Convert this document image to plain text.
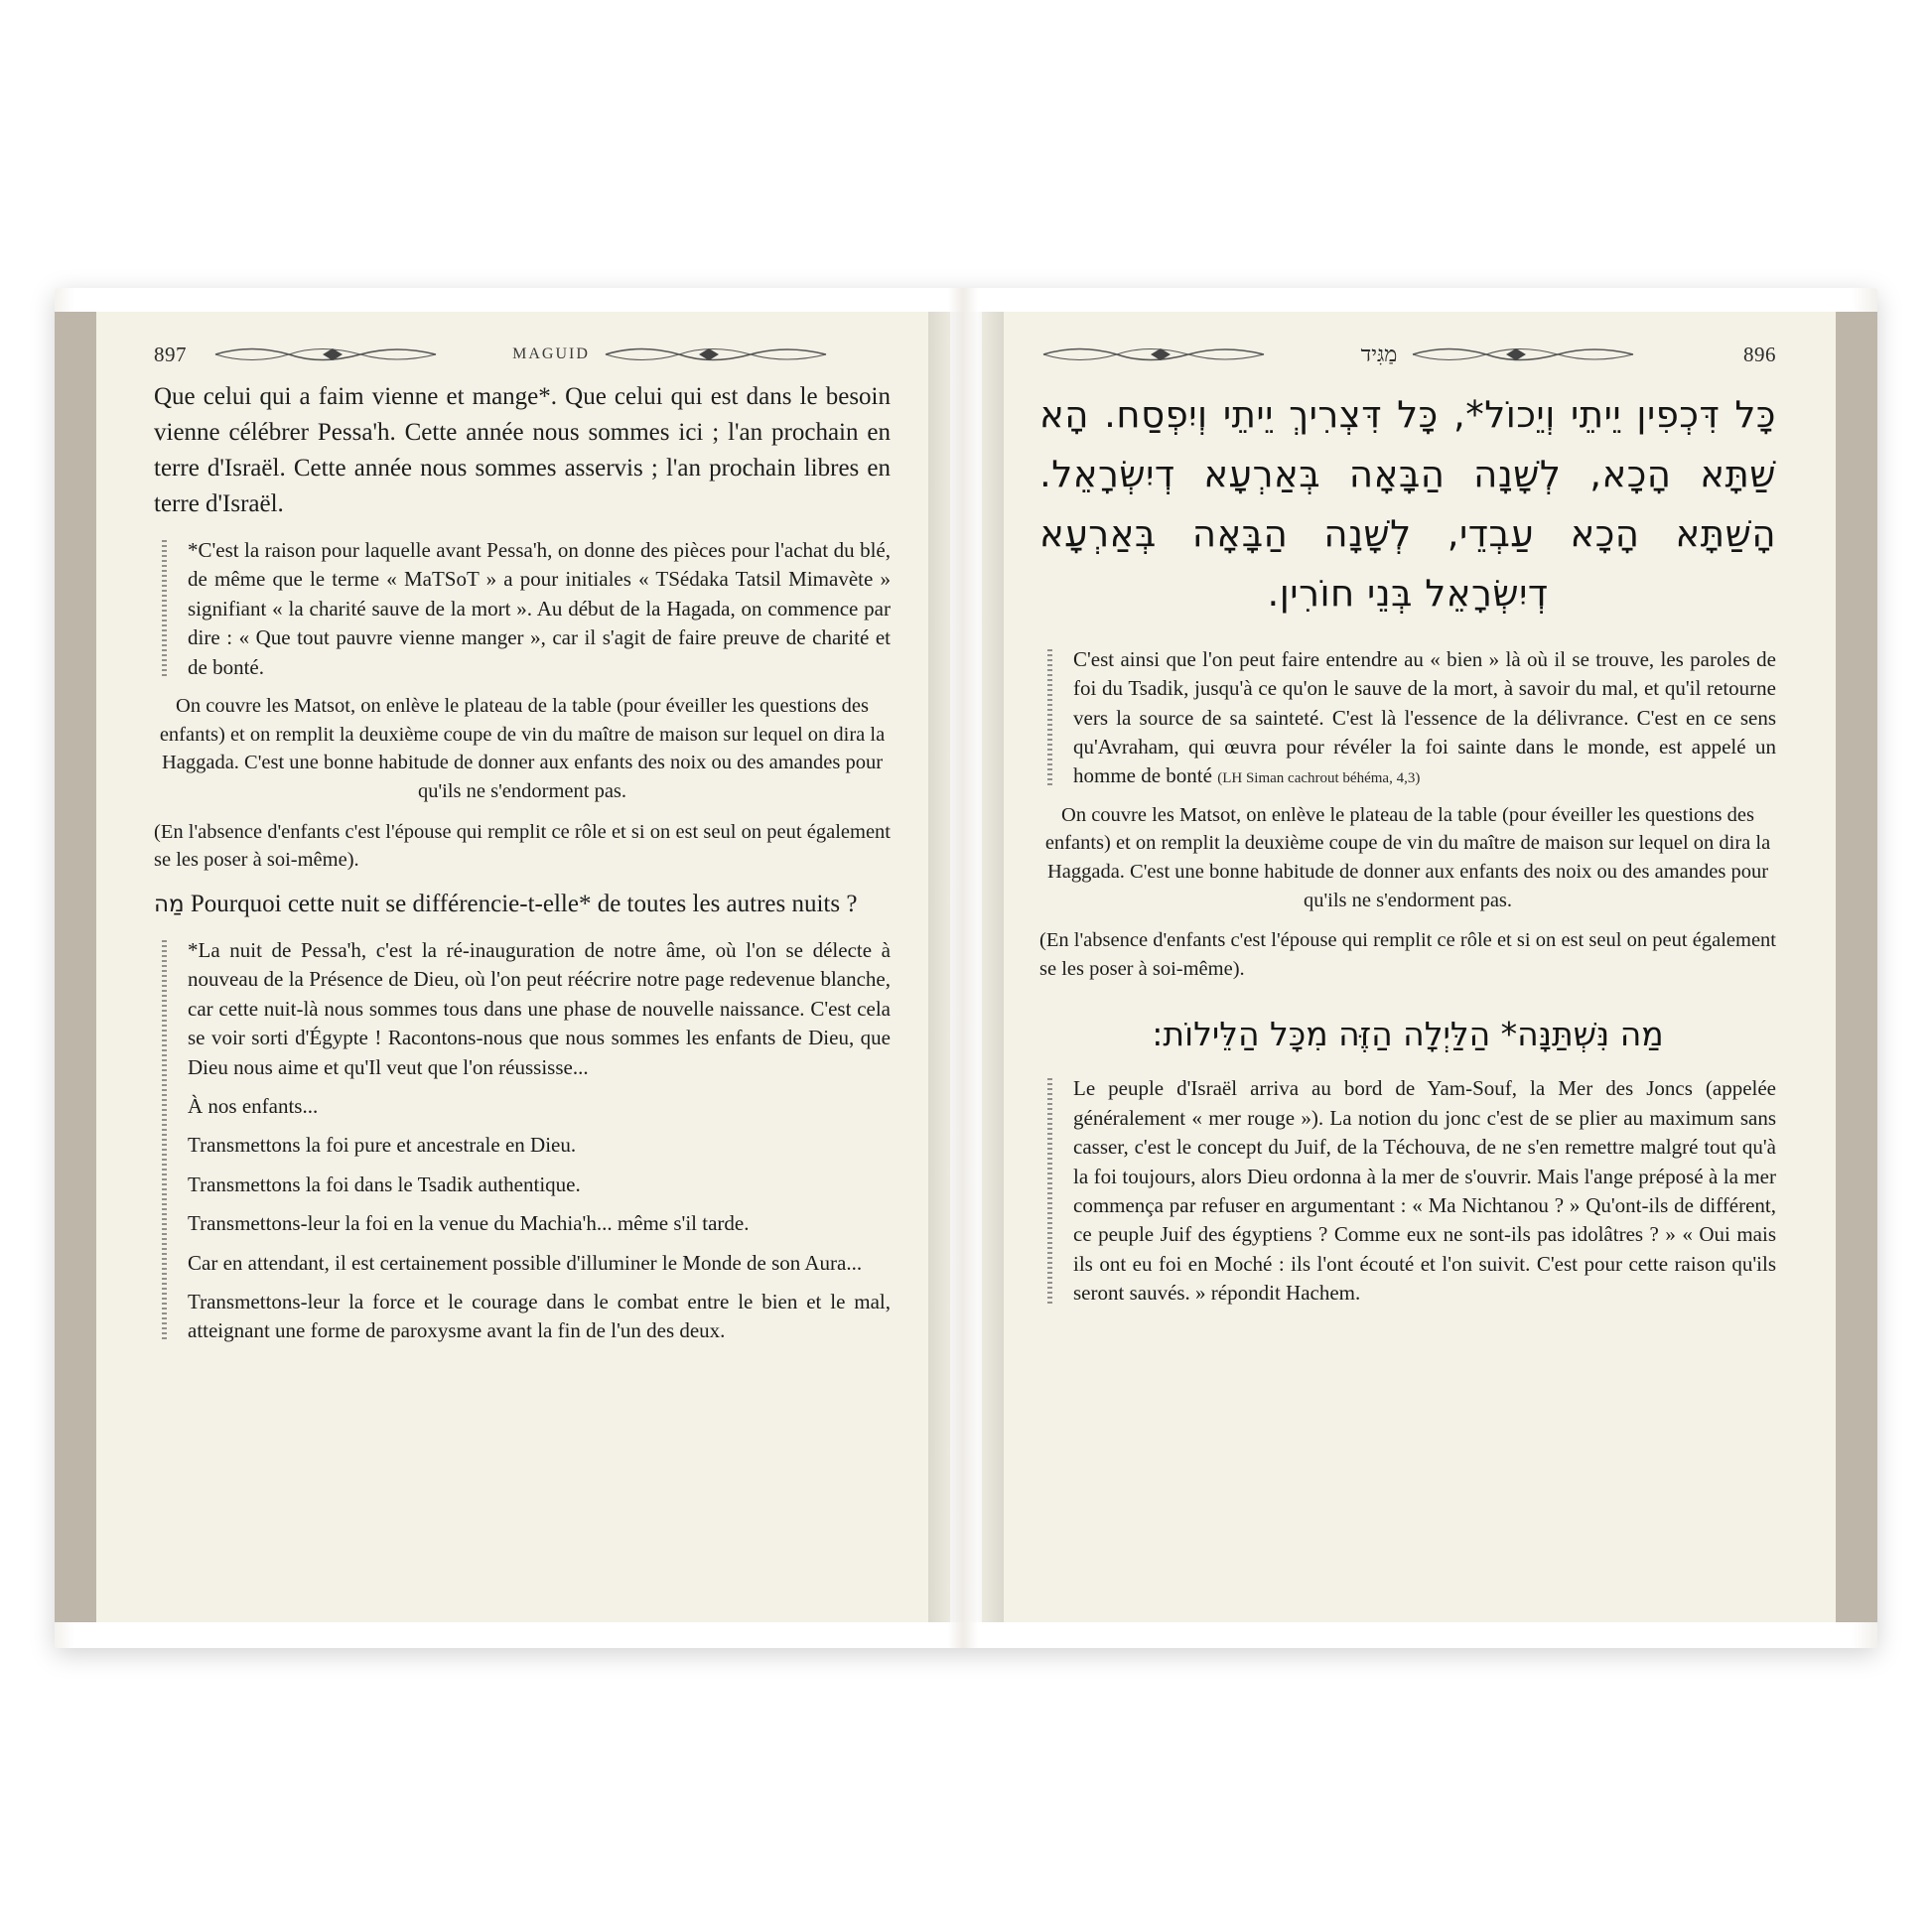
897	MAGUID

Que celui qui a faim vienne et mange*. Que celui qui est dans le besoin vienne célébrer Pessa'h. Cette année nous sommes ici ; l'an prochain en terre d'Israël. Cette année nous sommes asservis ; l'an prochain libres en terre d'Israël.

*C'est la raison pour laquelle avant Pessa'h, on donne des pièces pour l'achat du blé, de même que le terme « MaTSoT » a pour initiales « TSédaka Tatsil Mimavète » signifiant « la charité sauve de la mort ». Au début de la Hagada, on commence par dire : « Que tout pauvre vienne manger », car il s'agit de faire preuve de charité et de bonté.

On couvre les Matsot, on enlève le plateau de la table (pour éveiller les questions des enfants) et on remplit la deuxième coupe de vin du maître de maison sur lequel on dira la Haggada. C'est une bonne habitude de donner aux enfants des noix ou des amandes pour qu'ils ne s'endorment pas.

(En l'absence d'enfants c'est l'épouse qui remplit ce rôle et si on est seul on peut également se les poser à soi-même).

מַה Pourquoi cette nuit se différencie-t-elle* de toutes les autres nuits ?

*La nuit de Pessa'h, c'est la ré-inauguration de notre âme, où l'on se délecte à nouveau de la Présence de Dieu, où l'on peut réécrire notre page redevenue blanche, car cette nuit-là nous sommes tous dans une phase de nouvelle naissance. C'est cela se voir sorti d'Égypte ! Racontons-nous que nous sommes les enfants de Dieu, que Dieu nous aime et qu'Il veut que l'on réussisse...

À nos enfants...

Transmettons la foi pure et ancestrale en Dieu.

Transmettons la foi dans le Tsadik authentique.

Transmettons-leur la foi en la venue du Machia'h... même s'il tarde.

Car en attendant, il est certainement possible d'illuminer le Monde de son Aura...

Transmettons-leur la force et le courage dans le combat entre le bien et le mal, atteignant une forme de paroxysme avant la fin de l'un des deux.

מַגִּיד	896

כָּל דִּכְפִין יֵיתֵי וְיֵכוֹל*, כָּל דִּצְרִיךְ יֵיתֵי וְיִפְסַח. הָא שַׁתָּא הָכָא, לְשָׁנָה הַבָּאָה בְּאַרְעָא דְיִשְׂרָאֵל. הָשַׁתָּא הָכָא עַבְדֵי, לְשָׁנָה הַבָּאָה בְּאַרְעָא דְיִשְׂרָאֵל בְּנֵי חוֹרִין.

C'est ainsi que l'on peut faire entendre au « bien » là où il se trouve, les paroles de foi du Tsadik, jusqu'à ce qu'on le sauve de la mort, à savoir du mal, et qu'il retourne vers la source de sa sainteté. C'est là l'essence de la délivrance. C'est en ce sens qu'Avraham, qui œuvra pour révéler la foi sainte dans le monde, est appelé un homme de bonté (LH Siman cachrout béhéma, 4,3)

On couvre les Matsot, on enlève le plateau de la table (pour éveiller les questions des enfants) et on remplit la deuxième coupe de vin du maître de maison sur lequel on dira la Haggada. C'est une bonne habitude de donner aux enfants des noix ou des amandes pour qu'ils ne s'endorment pas.

(En l'absence d'enfants c'est l'épouse qui remplit ce rôle et si on est seul on peut également se les poser à soi-même).

מַה נִּשְׁתַּנָּה* הַלַּיְלָה הַזֶּה מִכָּל הַלֵּילוֹת:

Le peuple d'Israël arriva au bord de Yam-Souf, la Mer des Joncs (appelée généralement « mer rouge »). La notion du jonc c'est de se plier au maximum sans casser, c'est le concept du Juif, de la Téchouva, de ne s'en remettre malgré tout qu'à la foi toujours, alors Dieu ordonna à la mer de s'ouvrir. Mais l'ange préposé à la mer commença par refuser en argumentant : « Ma Nichtanou ? » Qu'ont-ils de différent, ce peuple Juif des égyptiens ? Comme eux ne sont-ils pas idolâtres ? » « Oui mais ils ont eu foi en Moché : ils l'ont écouté et l'on suivit. C'est pour cette raison qu'ils seront sauvés. » répondit Hachem.
